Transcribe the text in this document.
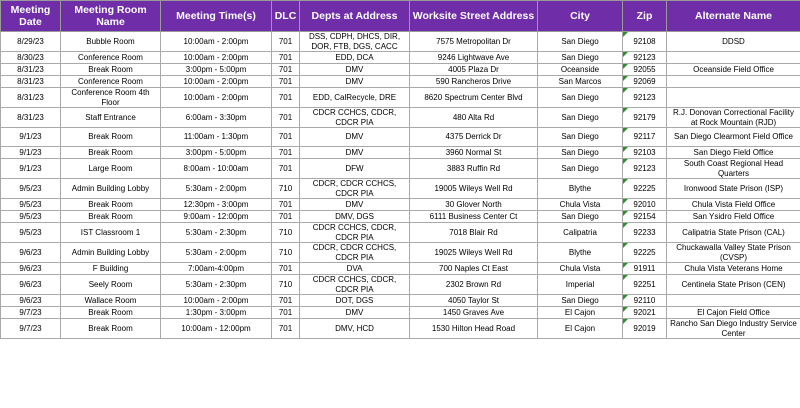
Meeting Date	Meeting Room Name	Meeting Time(s)	DLC	Depts at Address	Worksite Street Address	City	Zip	Alternate Name
8/29/23	Bubble Room	10:00am - 2:00pm	701	DSS, CDPH, DHCS, DIR, DOR, FTB, DGS, CACC	7575 Metropolitan Dr	San Diego	92108	DDSD
8/30/23	Conference Room	10:00am - 2:00pm	701	EDD, DCA	9246 Lightwave Ave	San Diego	92123	
8/31/23	Break Room	3:00pm - 5:00pm	701	DMV	4005 Plaza Dr	Oceanside	92055	Oceanside Field Office
8/31/23	Conference Room	10:00am - 2:00pm	701	DMV	590 Rancheros Drive	San Marcos	92069	
8/31/23	Conference Room 4th Floor	10:00am - 2:00pm	701	EDD, CalRecycle, DRE	8620 Spectrum Center Blvd	San Diego	92123	
8/31/23	Staff Entrance	6:00am - 3:30pm	701	CDCR CCHCS, CDCR, CDCR PIA	480 Alta Rd	San Diego	92179	R.J. Donovan Correctional Facility at Rock Mountain (RJD)
9/1/23	Break Room	11:00am - 1:30pm	701	DMV	4375 Derrick Dr	San Diego	92117	San Diego Clearmont Field Office
9/1/23	Break Room	3:00pm - 5:00pm	701	DMV	3960 Normal St	San Diego	92103	San Diego Field Office
9/1/23	Large Room	8:00am - 10:00am	701	DFW	3883 Ruffin Rd	San Diego	92123	South Coast Regional Head Quarters
9/5/23	Admin Building Lobby	5:30am - 2:00pm	710	CDCR, CDCR CCHCS, CDCR PIA	19005 Wileys Well Rd	Blythe	92225	Ironwood State Prison (ISP)
9/5/23	Break Room	12:30pm - 3:00pm	701	DMV	30 Glover North	Chula Vista	92010	Chula Vista Field Office
9/5/23	Break Room	9:00am - 12:00pm	701	DMV, DGS	6111 Business Center Ct	San Diego	92154	San Ysidro Field Office
9/5/23	IST Classroom 1	5:30am - 2:30pm	710	CDCR CCHCS, CDCR, CDCR PIA	7018 Blair Rd	Calipatria	92233	Calipatria State Prison (CAL)
9/6/23	Admin Building Lobby	5:30am - 2:00pm	710	CDCR, CDCR CCHCS, CDCR PIA	19025 Wileys Well Rd	Blythe	92225	Chuckawalla Valley State Prison (CVSP)
9/6/23	F Building	7:00am-4:00pm	701	DVA	700 Naples Ct East	Chula Vista	91911	Chula Vista Veterans Home
9/6/23	Seely Room	5:30am - 2:30pm	710	CDCR CCHCS, CDCR, CDCR PIA	2302 Brown Rd	Imperial	92251	Centinela State Prison (CEN)
9/6/23	Wallace Room	10:00am - 2:00pm	701	DOT, DGS	4050 Taylor St	San Diego	92110	
9/7/23	Break Room	1:30pm - 3:00pm	701	DMV	1450 Graves Ave	El Cajon	92021	El Cajon Field Office
9/7/23	Break Room	10:00am - 12:00pm	701	DMV, HCD	1530 Hilton Head Road	El Cajon	92019	Rancho San Diego Industry Service Center
